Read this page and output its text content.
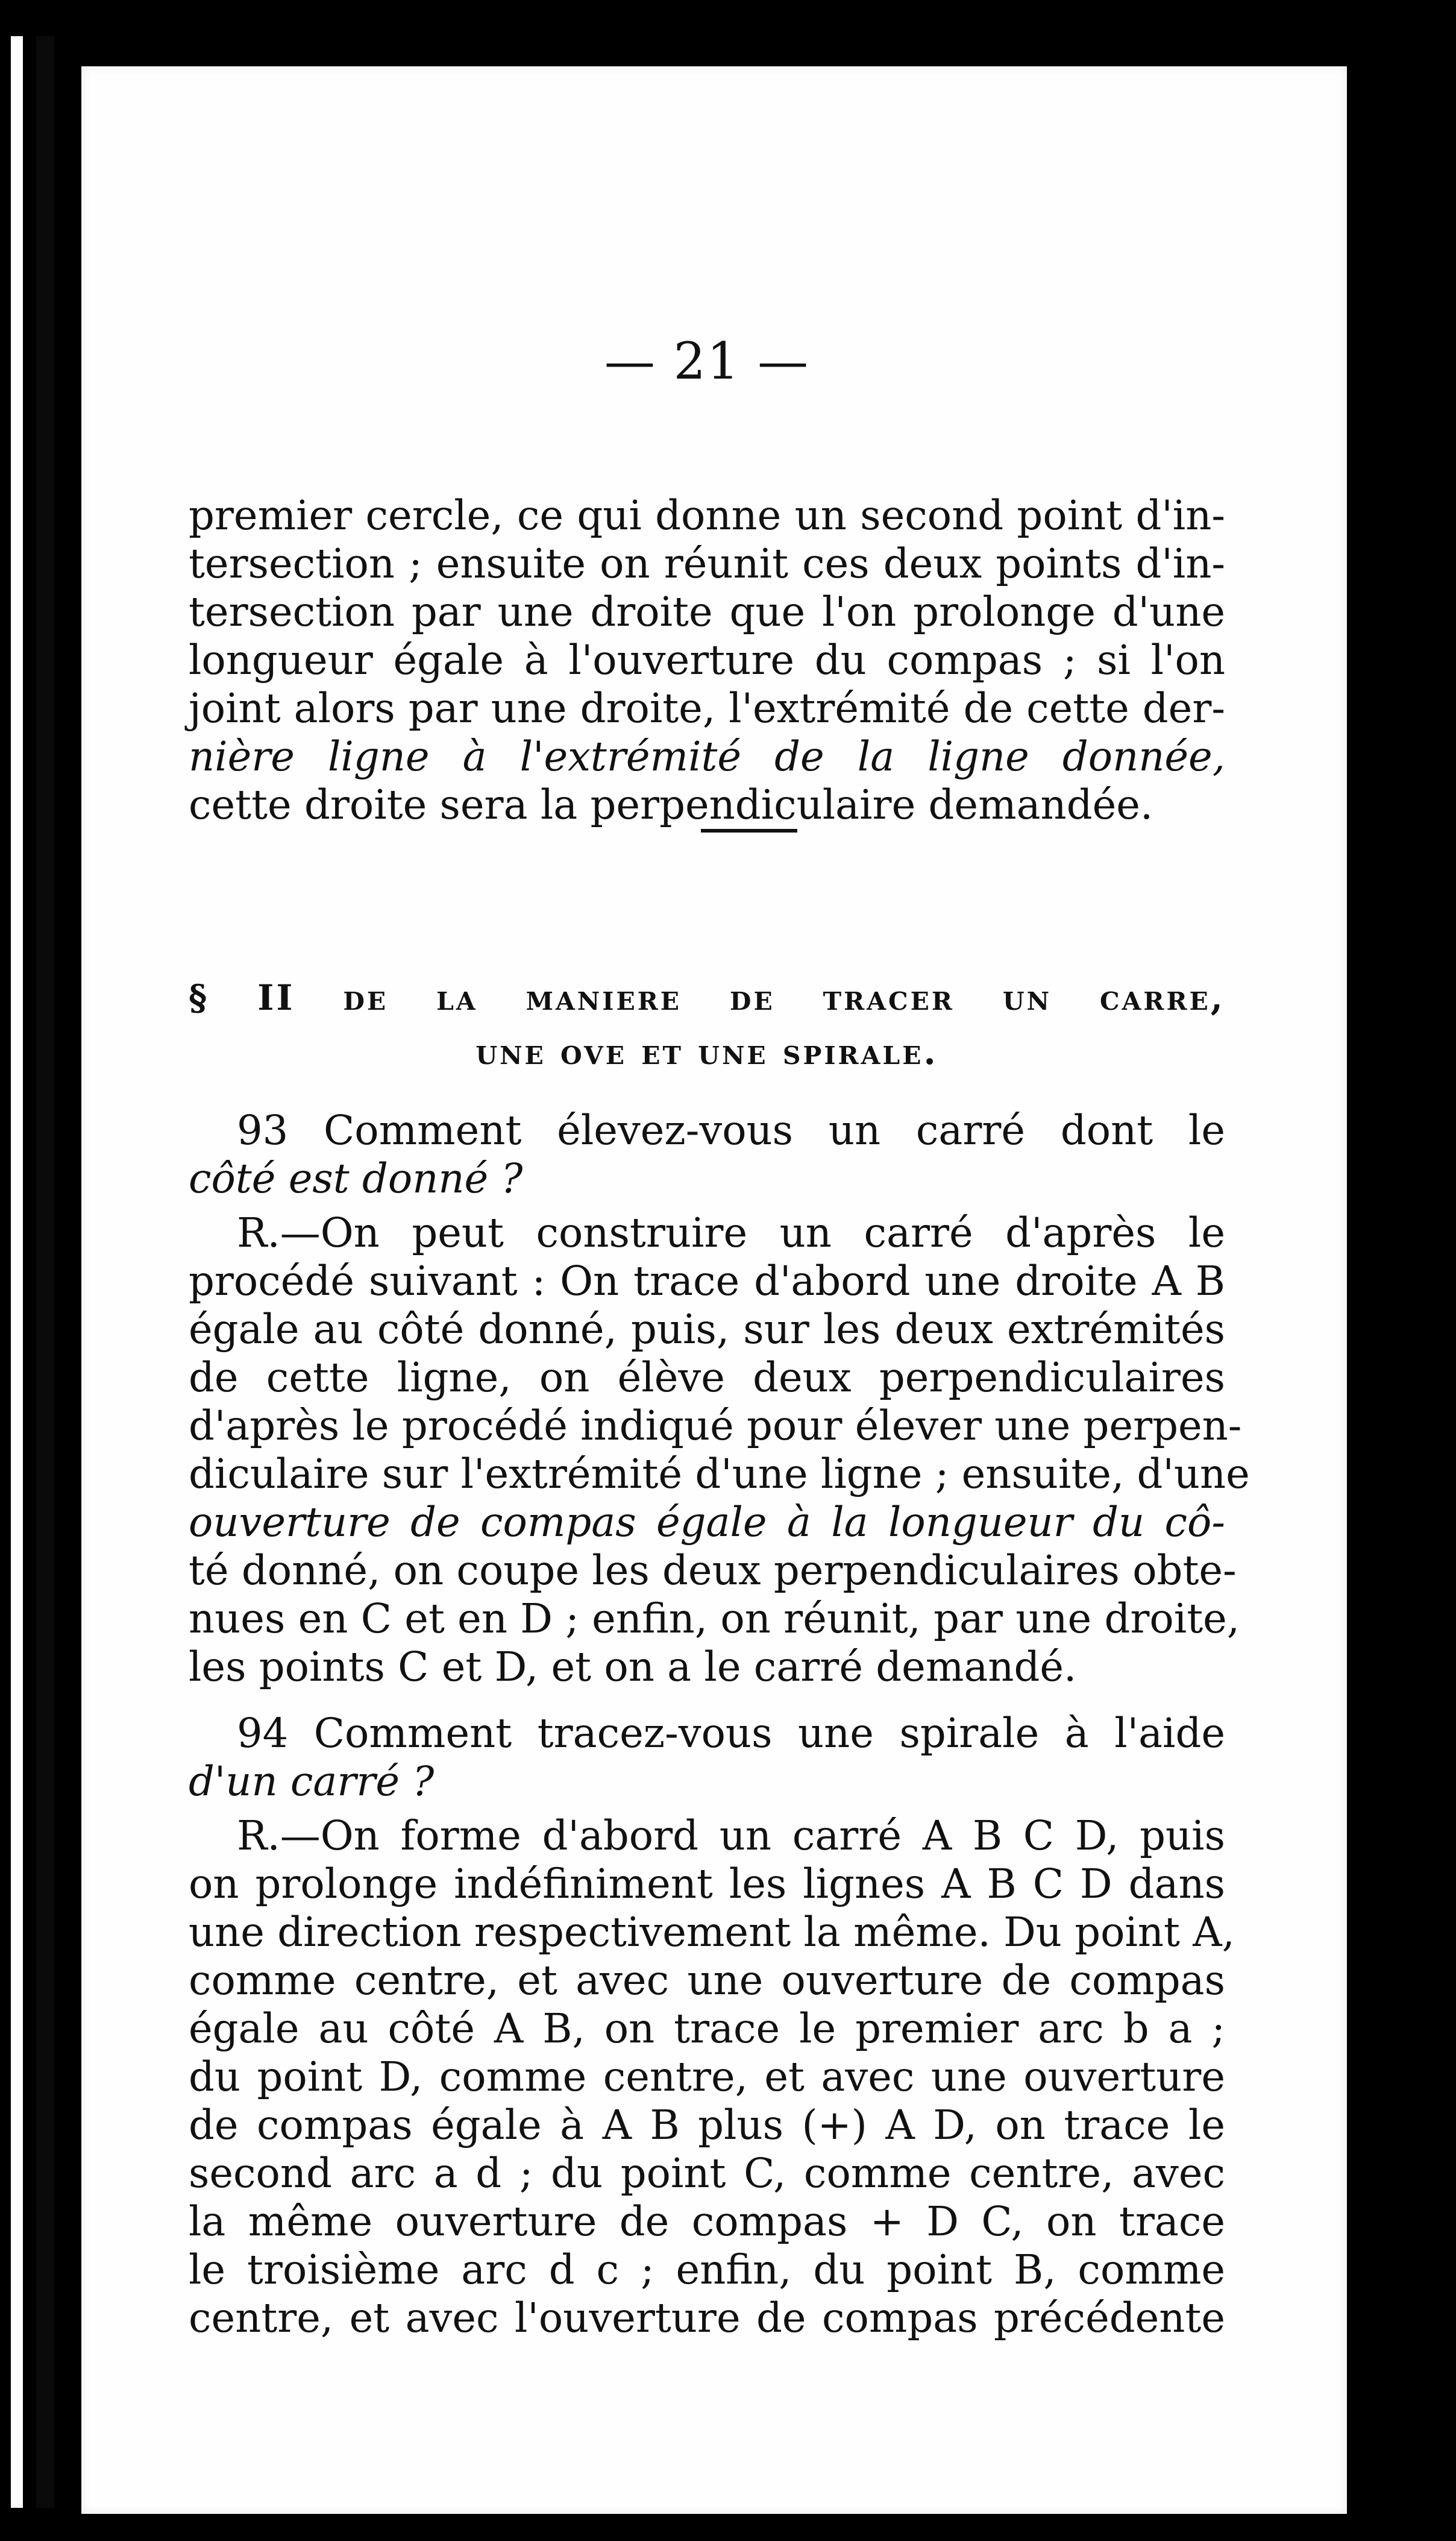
— 21 —
premier cercle, ce qui donne un second point d'in-
tersection ; ensuite on réunit ces deux points d'in-
tersection par une droite que l'on prolonge d'une
longueur égale à l'ouverture du compas ; si l'on
joint alors par une droite, l'extrémité de cette der-
nière ligne à l'extrémité de la ligne donnée,
cette droite sera la perpendiculaire demandée.
§ II de la maniere de tracer un carre,
une ove et une spirale.
93 Comment élevez-vous un carré dont le
côté est donné ?
R.—On peut construire un carré d'après le
procédé suivant : On trace d'abord une droite A B
égale au côté donné, puis, sur les deux extrémités
de cette ligne, on élève deux perpendiculaires
d'après le procédé indiqué pour élever une perpen-
diculaire sur l'extrémité d'une ligne ; ensuite, d'une
ouverture de compas égale à la longueur du cô-
té donné, on coupe les deux perpendiculaires obte-
nues en C et en D ; enfin, on réunit, par une droite,
les points C et D, et on a le carré demandé.
94 Comment tracez-vous une spirale à l'aide
d'un carré ?
R.—On forme d'abord un carré A B C D, puis
on prolonge indéfiniment les lignes A B C D dans
une direction respectivement la même. Du point A,
comme centre, et avec une ouverture de compas
égale au côté A B, on trace le premier arc b a ;
du point D, comme centre, et avec une ouverture
de compas égale à A B plus (+) A D, on trace le
second arc a d ; du point C, comme centre, avec
la même ouverture de compas + D C, on trace
le troisième arc d c ; enfin, du point B, comme
centre, et avec l'ouverture de compas précédente
